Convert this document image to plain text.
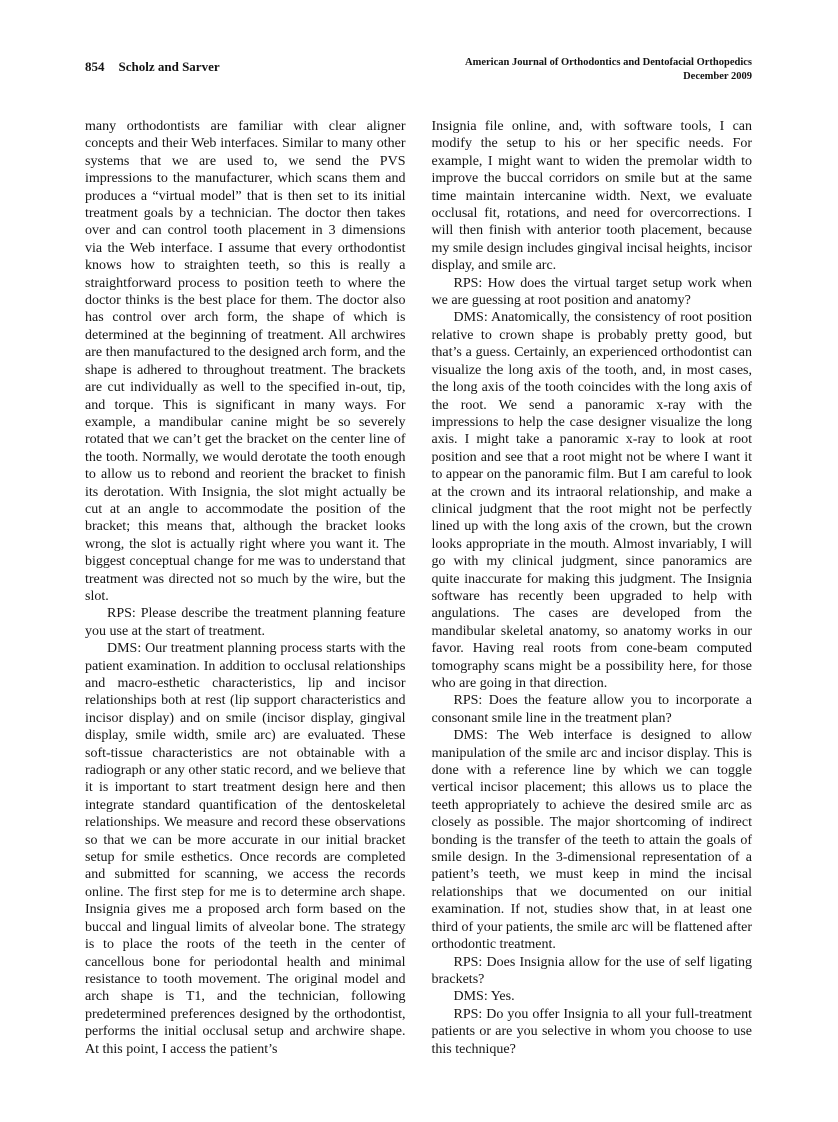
854 Scholz and Sarver	American Journal of Orthodontics and Dentofacial Orthopedics
December 2009

many orthodontists are familiar with clear aligner concepts and their Web interfaces. Similar to many other systems that we are used to, we send the PVS impressions to the manufacturer, which scans them and produces a “virtual model” that is then set to its initial treatment goals by a technician. The doctor then takes over and can control tooth placement in 3 dimensions via the Web interface. I assume that every orthodontist knows how to straighten teeth, so this is really a straightforward process to position teeth to where the doctor thinks is the best place for them. The doctor also has control over arch form, the shape of which is determined at the beginning of treatment. All archwires are then manufactured to the designed arch form, and the shape is adhered to throughout treatment. The brackets are cut individually as well to the specified in-out, tip, and torque. This is significant in many ways. For example, a mandibular canine might be so severely rotated that we can’t get the bracket on the center line of the tooth. Normally, we would derotate the tooth enough to allow us to rebond and reorient the bracket to finish its derotation. With Insignia, the slot might actually be cut at an angle to accommodate the position of the bracket; this means that, although the bracket looks wrong, the slot is actually right where you want it. The biggest conceptual change for me was to understand that treatment was directed not so much by the wire, but the slot.

RPS: Please describe the treatment planning feature you use at the start of treatment.

DMS: Our treatment planning process starts with the patient examination. In addition to occlusal relationships and macro-esthetic characteristics, lip and incisor relationships both at rest (lip support characteristics and incisor display) and on smile (incisor display, gingival display, smile width, smile arc) are evaluated. These soft-tissue characteristics are not obtainable with a radiograph or any other static record, and we believe that it is important to start treatment design here and then integrate standard quantification of the dentoskeletal relationships. We measure and record these observations so that we can be more accurate in our initial bracket setup for smile esthetics. Once records are completed and submitted for scanning, we access the records online. The first step for me is to determine arch shape. Insignia gives me a proposed arch form based on the buccal and lingual limits of alveolar bone. The strategy is to place the roots of the teeth in the center of cancellous bone for periodontal health and minimal resistance to tooth movement. The original model and arch shape is T1, and the technician, following predetermined preferences designed by the orthodontist, performs the initial occlusal setup and archwire shape. At this point, I access the patient’s

Insignia file online, and, with software tools, I can modify the setup to his or her specific needs. For example, I might want to widen the premolar width to improve the buccal corridors on smile but at the same time maintain intercanine width. Next, we evaluate occlusal fit, rotations, and need for overcorrections. I will then finish with anterior tooth placement, because my smile design includes gingival incisal heights, incisor display, and smile arc.

RPS: How does the virtual target setup work when we are guessing at root position and anatomy?

DMS: Anatomically, the consistency of root position relative to crown shape is probably pretty good, but that’s a guess. Certainly, an experienced orthodontist can visualize the long axis of the tooth, and, in most cases, the long axis of the tooth coincides with the long axis of the root. We send a panoramic x-ray with the impressions to help the case designer visualize the long axis. I might take a panoramic x-ray to look at root position and see that a root might not be where I want it to appear on the panoramic film. But I am careful to look at the crown and its intraoral relationship, and make a clinical judgment that the root might not be perfectly lined up with the long axis of the crown, but the crown looks appropriate in the mouth. Almost invariably, I will go with my clinical judgment, since panoramics are quite inaccurate for making this judgment. The Insignia software has recently been upgraded to help with angulations. The cases are developed from the mandibular skeletal anatomy, so anatomy works in our favor. Having real roots from cone-beam computed tomography scans might be a possibility here, for those who are going in that direction.

RPS: Does the feature allow you to incorporate a consonant smile line in the treatment plan?

DMS: The Web interface is designed to allow manipulation of the smile arc and incisor display. This is done with a reference line by which we can toggle vertical incisor placement; this allows us to place the teeth appropriately to achieve the desired smile arc as closely as possible. The major shortcoming of indirect bonding is the transfer of the teeth to attain the goals of smile design. In the 3-dimensional representation of a patient’s teeth, we must keep in mind the incisal relationships that we documented on our initial examination. If not, studies show that, in at least one third of your patients, the smile arc will be flattened after orthodontic treatment.

RPS: Does Insignia allow for the use of self ligating brackets?

DMS: Yes.

RPS: Do you offer Insignia to all your full-treatment patients or are you selective in whom you choose to use this technique?
